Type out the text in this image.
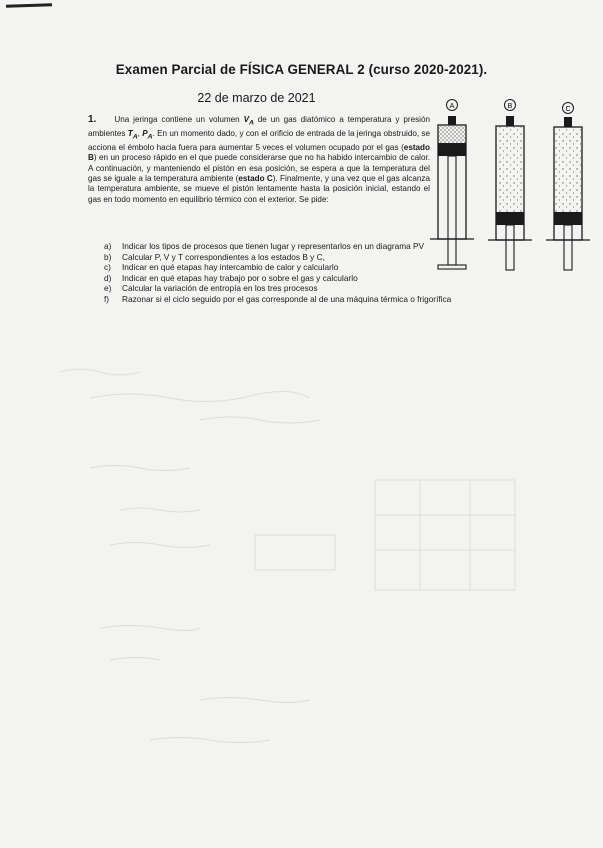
Examen Parcial de FÍSICA GENERAL 2 (curso 2020-2021).
22 de marzo de 2021
1. Una jeringa contiene un volumen $V_A$ de un gas diatómico a temperatura y presión ambientes $T_A$, $P_A$. En un momento dado, y con el orificio de entrada de la jeringa obstruido, se acciona el émbolo hacia fuera para aumentar 5 veces el volumen ocupado por el gas (estado B) en un proceso rápido en el que puede considerarse que no ha habido intercambio de calor. A continuación, y manteniendo el pistón en esa posición, se espera a que la temperatura del gas se iguale a la temperatura ambiente (estado C). Finalmente, y una vez que el gas alcanza la temperatura ambiente, se mueve el pistón lentamente hasta la posición inicial, estando el gas en todo momento en equilibrio térmico con el exterior. Se pide:
a) Indicar los tipos de procesos que tienen lugar y representarlos en un diagrama PV
b) Calcular P, V y T correspondientes a los estados B y C,
c) Indicar en qué etapas hay intercambio de calor y calcularlo
d) Indicar en qué etapas hay trabajo por o sobre el gas y calcularlo
e) Calcular la variación de entropía en los tres procesos
f) Razonar si el ciclo seguido por el gas corresponde al de una máquina térmica o frigorífica
A	B	C
